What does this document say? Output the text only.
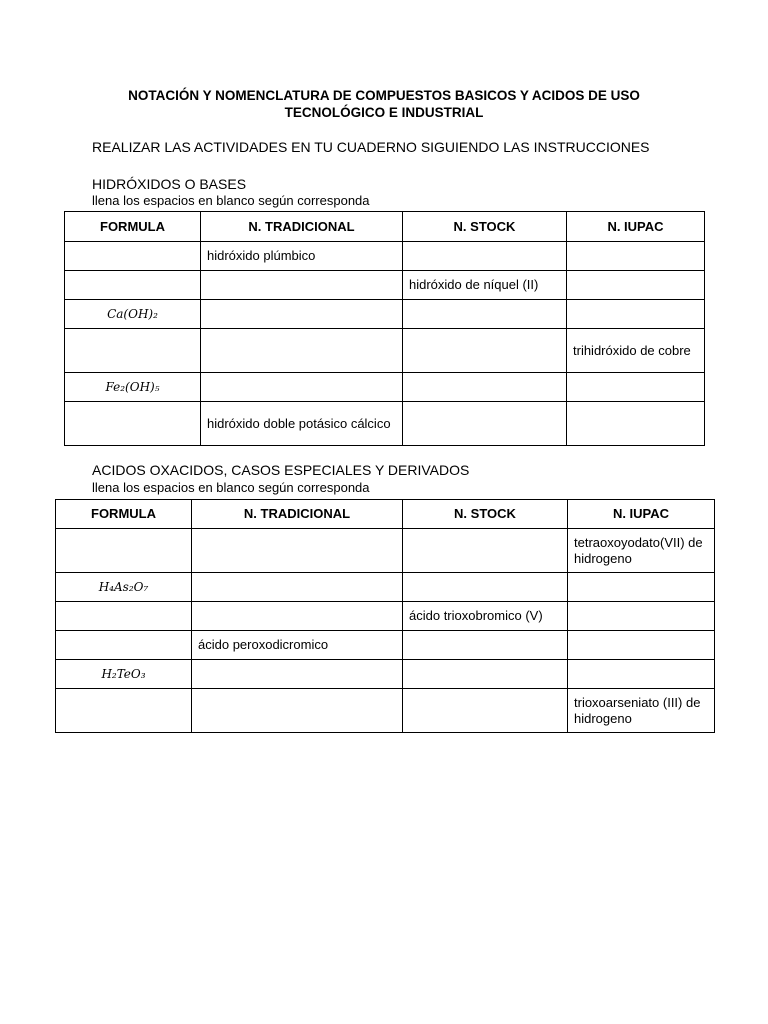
NOTACIÓN Y NOMENCLATURA DE COMPUESTOS BASICOS Y ACIDOS DE USO
TECNOLÓGICO E INDUSTRIAL
REALIZAR LAS ACTIVIDADES EN TU CUADERNO SIGUIENDO LAS INSTRUCCIONES
HIDRÓXIDOS O BASES
llena los espacios en blanco según corresponda
FORMULA	N. TRADICIONAL	N. STOCK	N. IUPAC
	hidróxido plúmbico		
		hidróxido de níquel (II)	
Ca(OH)₂			
			trihidróxido de cobre
Fe₂(OH)₅			
	hidróxido doble potásico cálcico		
ACIDOS OXACIDOS, CASOS ESPECIALES Y DERIVADOS
llena los espacios en blanco según corresponda
FORMULA	N. TRADICIONAL	N. STOCK	N. IUPAC
			tetraoxoyodato(VII) de hidrogeno
H₄As₂O₇			
		ácido trioxobromico (V)	
	ácido peroxodicromico		
H₂TeO₃			
			trioxoarseniato (III) de hidrogeno
